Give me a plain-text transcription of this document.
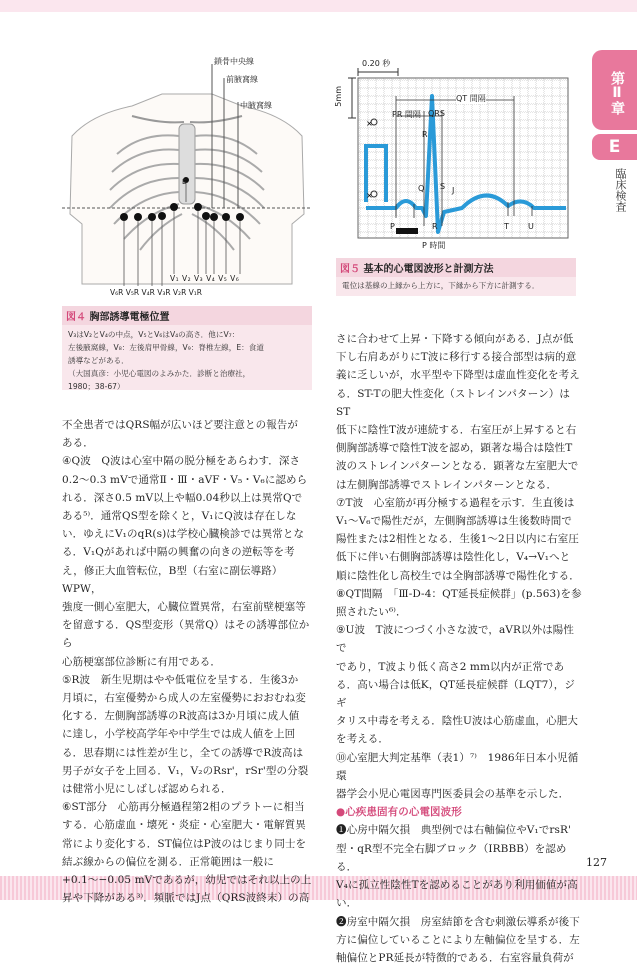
第Ⅱ章
E
臨床検査
鎖骨中央線
前腋窩線
中腋窩線
E
V₁ V₂ V₃ V₄ V₅ V₆
V₆R V₅R V₄R V₃R V₂R V₁R
図４ 胸部誘導電極位置
V₃はV₂とV₄の中点，V₅とV₆はV₄の高さ．他にV₇：
左後腋窩線，V₈：左後肩甲骨線，V₉：脊椎左線，E：食道
誘導などがある．
（大国真彦：小児心電図のよみかた．診断と治療社，
1980；38-67）
×
×
0.20 秒
5mm	QT 間隔
PR 間隔 QRS
R
Q S J
P	R	T U
P 時間
図５ 基本的心電図波形と計測方法
電位は基線の上縁から上方に，下縁から下方に計測する．

不全患者ではQRS幅が広いほど要注意との報告が

ある．

④Q波　Q波は心室中隔の脱分極をあらわす．深さ

0.2〜0.3 mVで通常Ⅱ・Ⅲ・aVF・V₅・V₆に認めら

れる．深さ0.5 mV以上や幅0.04秒以上は異常Qで

ある⁵⁾．通常QS型を除くと，V₁にQ波は存在しな

い．ゆえにV₁のqR(s)は学校心臓検診では異常とな

る．V₁Qがあれば中隔の興奮の向きの逆転等を考

え，修正大血管転位，B型（右室に副伝導路）WPW，

強度一側心室肥大，心臓位置異常，右室前壁梗塞等

を留意する．QS型変形（異常Q）はその誘導部位から

心筋梗塞部位診断に有用である．

⑤R波　新生児期はやや低電位を呈する．生後3か

月頃に，右室優勢から成人の左室優勢におおむね変

化する．左側胸部誘導のR波高は3か月頃に成人値

に達し，小学校高学年や中学生では成人値を上回

る．思春期には性差が生じ，全ての誘導でR波高は

男子が女子を上回る．V₁，V₂のRsr'，rSr'型の分裂

は健常小児にしばしば認められる．

⑥ST部分　心筋再分極過程第2相のプラトーに相当

する．心筋虚血・壊死・炎症・心室肥大・電解質異

常により変化する．ST偏位はP波のはじまり同士を

結ぶ線からの偏位を測る．正常範囲は一般に

+0.1〜−0.05 mVであるが，幼児ではそれ以上の上

昇や下降がある³⁾．頻脈ではJ点（QRS波終末）の高

さに合わせて上昇・下降する傾向がある．J点が低

下し右肩あがりにT波に移行する接合部型は病的意

義に乏しいが，水平型や下降型は虚血性変化を考え

る．ST-Tの肥大性変化（ストレインパターン）はST

低下に陰性T波が連続する．右室圧が上昇すると右

側胸部誘導で陰性T波を認め，顕著な場合は陰性T

波のストレインパターンとなる．顕著な左室肥大で

は左側胸部誘導でストレインパターンとなる．

⑦T波　心室筋が再分極する過程を示す．生直後は

V₁〜V₆で陽性だが，左側胸部誘導は生後数時間で

陽性または2相性となる．生後1〜2日以内に右室圧

低下に伴い右側胸部誘導は陰性化し，V₄→V₁へと

順に陰性化し高校生では全胸部誘導で陽性化する．

⑧QT間隔　「Ⅲ-D-4：QT延長症候群」(p.563)を参

照されたい⁶⁾．

⑨U波　T波につづく小さな波で，aVR以外は陽性で

であり，T波より低く高さ2 mm以内が正常であ

る．高い場合は低K，QT延長症候群（LQT7），ジギ

タリス中毒を考える．陰性U波は心筋虚血，心肥大

を考える．

⑩心室肥大判定基準（表1）⁷⁾　1986年日本小児循環

器学会小児心電図専門医委員会の基準を示した．

●心疾患固有の心電図波形

❶心房中隔欠損　典型例では右軸偏位やV₁でrsR'

型・qR型不完全右脚ブロック（IRBBB）を認める．

V₄に孤立性陰性Tを認めることがあり利用価値が高

い．

❷房室中隔欠損　房室結節を含む刺激伝導系が後下

方に偏位していることにより左軸偏位を呈する．左

軸偏位とPR延長が特徴的である．右室容量負荷が

127
